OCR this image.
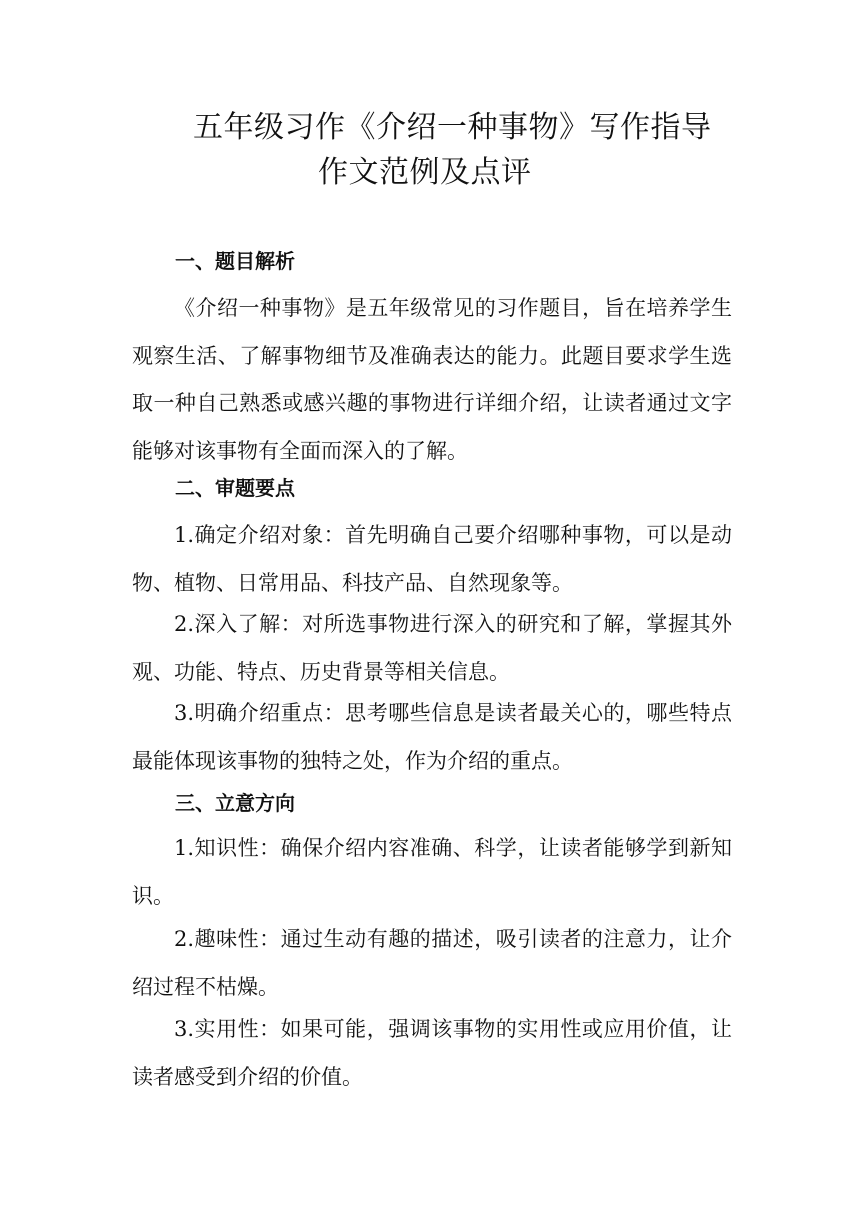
五年级习作《介绍一种事物》写作指导
作文范例及点评
一、题目解析

《介绍一种事物》是五年级常见的习作题目，旨在培养学生观察生活、了解事物细节及准确表达的能力。此题目要求学生选取一种自己熟悉或感兴趣的事物进行详细介绍，让读者通过文字能够对该事物有全面而深入的了解。

二、审题要点

1.确定介绍对象：首先明确自己要介绍哪种事物，可以是动物、植物、日常用品、科技产品、自然现象等。

2.深入了解：对所选事物进行深入的研究和了解，掌握其外观、功能、特点、历史背景等相关信息。

3.明确介绍重点：思考哪些信息是读者最关心的，哪些特点最能体现该事物的独特之处，作为介绍的重点。

三、立意方向

1.知识性：确保介绍内容准确、科学，让读者能够学到新知识。

2.趣味性：通过生动有趣的描述，吸引读者的注意力，让介绍过程不枯燥。

3.实用性：如果可能，强调该事物的实用性或应用价值，让读者感受到介绍的价值。
